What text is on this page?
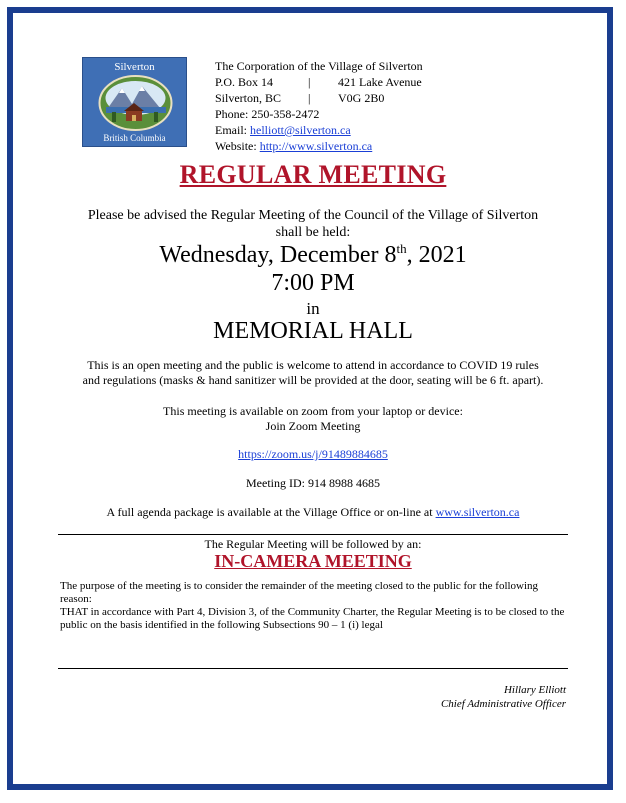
Silverton
British Columbia
The Corporation of the Village of Silverton
P.O. Box 14	| 421 Lake Avenue
Silverton, BC | V0G 2B0
Phone: 250-358-2472
Email: helliott@silverton.ca
Website: http://www.silverton.ca
REGULAR MEETING
Please be advised the Regular Meeting of the Council of the Village of Silverton
shall be held:
Wednesday, December 8th, 2021
7:00 PM
in
MEMORIAL HALL
This is an open meeting and the public is welcome to attend in accordance to COVID 19 rules
and regulations (masks & hand sanitizer will be provided at the door, seating will be 6 ft. apart).
This meeting is available on zoom from your laptop or device:
Join Zoom Meeting
https://zoom.us/j/91489884685
Meeting ID: 914 8988 4685
A full agenda package is available at the Village Office or on-line at www.silverton.ca
The Regular Meeting will be followed by an:
IN-CAMERA MEETING
The purpose of the meeting is to consider the remainder of the meeting closed to the public for the following reason:
THAT in accordance with Part 4, Division 3, of the Community Charter, the Regular Meeting is to be closed to the public on the basis identified in the following Subsections 90 – 1 (i) legal
Hillary Elliott
Chief Administrative Officer
